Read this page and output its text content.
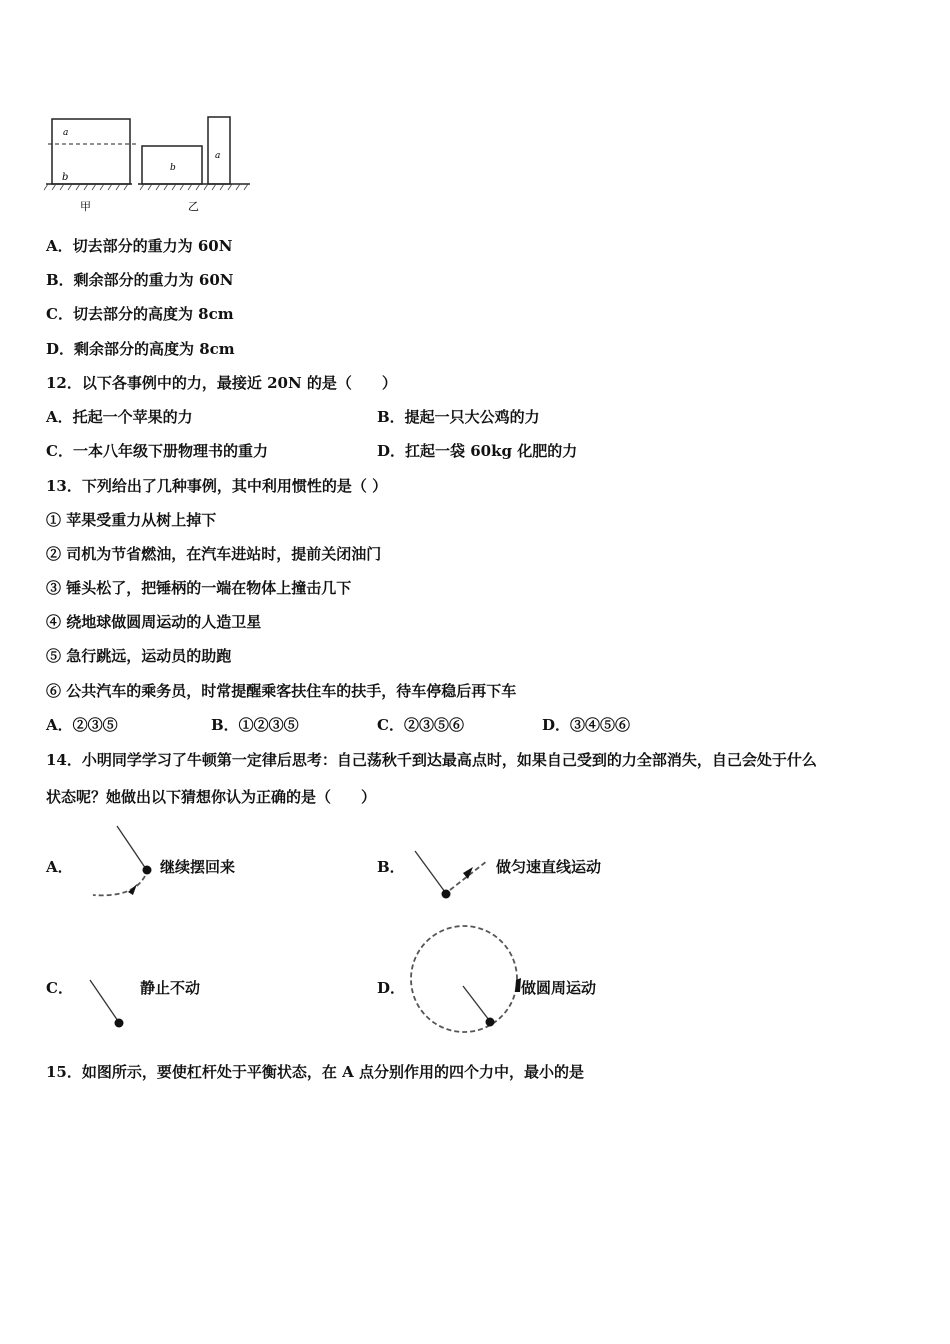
a
b
甲
b
a
乙
A．切去部分的重力为 60N
B．剩余部分的重力为 60N
C．切去部分的高度为 8cm
D．剩余部分的高度为 8cm
12．以下各事例中的力，最接近 20N 的是（　　）
A．托起一个苹果的力	B．提起一只大公鸡的力
C．一本八年级下册物理书的重力	D．扛起一袋 60kg 化肥的力
13．下列给出了几种事例，其中利用惯性的是（ ）
① 苹果受重力从树上掉下
② 司机为节省燃油，在汽车进站时，提前关闭油门
③ 锤头松了，把锤柄的一端在物体上撞击几下
④ 绕地球做圆周运动的人造卫星
⑤ 急行跳远，运动员的助跑
⑥ 公共汽车的乘务员，时常提醒乘客扶住车的扶手，待车停稳后再下车
A．②③⑤	B．①②③⑤	C．②③⑤⑥	D．③④⑤⑥
14．小明同学学习了牛顿第一定律后思考：自己荡秋千到达最高点时，如果自己受到的力全部消失，自己会处于什么
状态呢？她做出以下猜想你认为正确的是（　　）
A．	继续摆回来	B．	做匀速直线运动
C．	静止不动	D．	做圆周运动
15．如图所示，要使杠杆处于平衡状态，在 A 点分别作用的四个力中，最小的是
